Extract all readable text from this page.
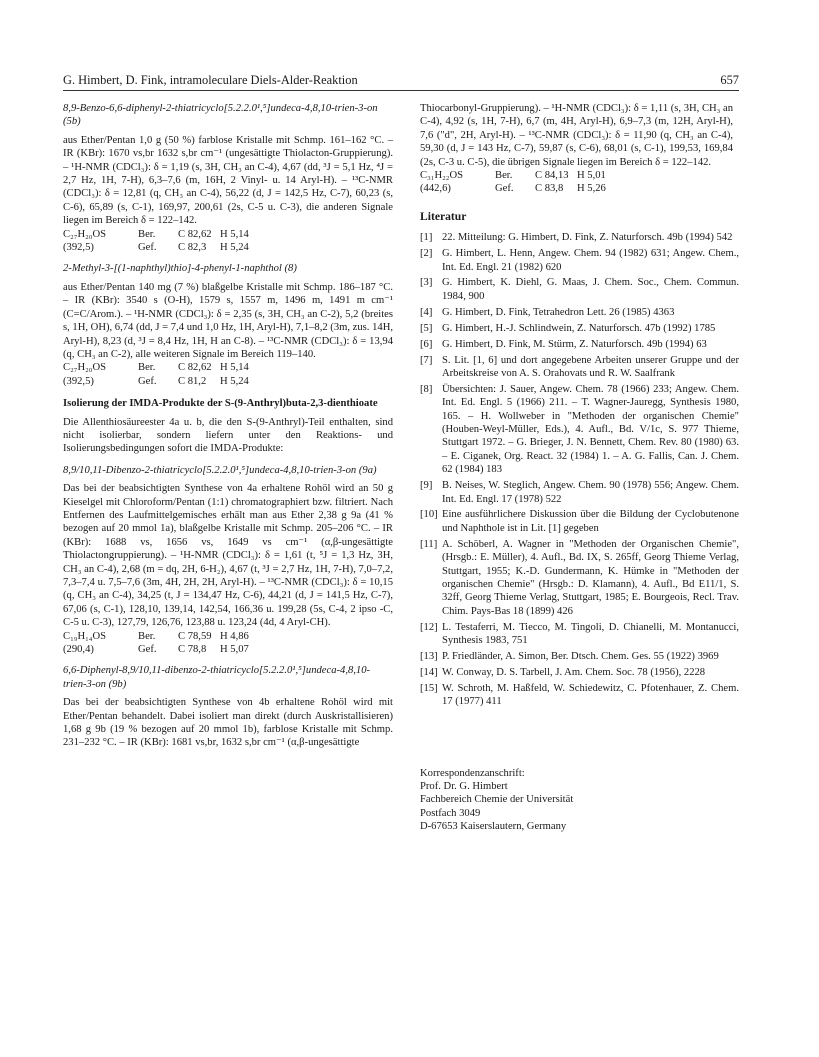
G. Himbert, D. Fink, intramoleculare Diels-Alder-Reaktion	657

8,9-Benzo-6,6-diphenyl-2-thiatricyclo[5.2.2.0¹,⁵]undeca-4,8,10-trien-3-on (5b)

aus Ether/Pentan 1,0 g (50 %) farblose Kristalle mit Schmp. 161–162 °C. – IR (KBr): 1670 vs,br 1632 s,br cm⁻¹ (ungesättigte Thiolacton-Gruppierung). – ¹H-NMR (CDCl₃): δ = 1,19 (s, 3H, CH₃ an C-4), 4,67 (dd, ³J = 5,1 Hz, ⁴J = 2,7 Hz, 1H, 7-H), 6,3–7,6 (m, 16H, 2 Vinyl- u. 14 Aryl-H). – ¹³C-NMR (CDCl₃): δ = 12,81 (q, CH₃ an C-4), 56,22 (d, J = 142,5 Hz, C-7), 60,23 (s, C-6), 65,89 (s, C-1), 169,97, 200,61 (2s, C-5 u. C-3), die anderen Signale liegen im Bereich δ = 122–142.

C₂₇H₂₀OS	Ber.	C 82,62 H 5,14
(392,5)	Gef.	C 82,3	H 5,24

2-Methyl-3-[(1-naphthyl)thio]-4-phenyl-1-naphthol (8)

aus Ether/Pentan 140 mg (7 %) blaßgelbe Kristalle mit Schmp. 186–187 °C. – IR (KBr): 3540 s (O-H), 1579 s, 1557 m, 1496 m, 1491 m cm⁻¹ (C=C/Arom.). – ¹H-NMR (CDCl₃): δ = 2,35 (s, 3H, CH₃ an C-2), 5,2 (breites s, 1H, OH), 6,74 (dd, J = 7,4 und 1,0 Hz, 1H, Aryl-H), 7,1–8,2 (3m, zus. 14H, Aryl-H), 8,23 (d, ³J = 8,4 Hz, 1H, H an C-8). – ¹³C-NMR (CDCl₃): δ = 13,94 (q, CH₃ an C-2), alle weiteren Signale im Bereich 119–140.

C₂₇H₂₀OS	Ber.	C 82,62 H 5,14
(392,5)	Gef.	C 81,2	H 5,24

Isolierung der IMDA-Produkte der S-(9-Anthryl)buta-2,3-dienthioate

Die Allenthiosäureester 4a u. b, die den S-(9-Anthryl)-Teil enthalten, sind nicht isolierbar, sondern liefern unter den Reaktions- und Isolierungsbedingungen sofort die IMDA-Produkte:

8,9/10,11-Dibenzo-2-thiatricyclo[5.2.2.0¹,⁵]undeca-4,8,10-trien-3-on (9a)

Das bei der beabsichtigten Synthese von 4a erhaltene Rohöl wird an 50 g Kieselgel mit Chloroform/Pentan (1:1) chromatographiert bzw. filtriert. Nach Entfernen des Laufmittelgemisches erhält man aus Ether 2,38 g 9a (41 % bezogen auf 20 mmol 1a), blaßgelbe Kristalle mit Schmp. 205–206 °C. – IR (KBr): 1688 vs, 1656 vs, 1649 vs cm⁻¹ (α,β-ungesättigte Thiolactongruppierung). – ¹H-NMR (CDCl₃): δ = 1,61 (t, ⁵J = 1,3 Hz, 3H, CH₃ an C-4), 2,68 (m = dq, 2H, 6-H₂), 4,67 (t, ³J = 2,7 Hz, 1H, 7-H), 7,0–7,2, 7,3–7,4 u. 7,5–7,6 (3m, 4H, 2H, 2H, Aryl-H). – ¹³C-NMR (CDCl₃): δ = 10,15 (q, CH₃ an C-4), 34,25 (t, J = 134,47 Hz, C-6), 44,21 (d, J = 141,5 Hz, C-7), 67,06 (s, C-1), 128,10, 139,14, 142,54, 166,36 u. 199,28 (5s, C-4, 2 ipso -C, C-5 u. C-3), 127,79, 126,76, 123,88 u. 123,24 (4d, 4 Aryl-CH).

C₁₉H₁₄OS	Ber.	C 78,59 H 4,86
(290,4)	Gef.	C 78,8	H 5,07

6,6-Diphenyl-8,9/10,11-dibenzo-2-thiatricyclo[5.2.2.0¹,⁵]undeca-4,8,10-trien-3-on (9b)

Das bei der beabsichtigten Synthese von 4b erhaltene Rohöl wird mit Ether/Pentan behandelt. Dabei isoliert man direkt (durch Auskristallisieren) 1,68 g 9b (19 % bezogen auf 20 mmol 1b), farblose Kristalle mit Schmp. 231–232 °C. – IR (KBr): 1681 vs,br, 1632 s,br cm⁻¹ (α,β-ungesättigte

Thiocarbonyl-Gruppierung). – ¹H-NMR (CDCl₃): δ = 1,11 (s, 3H, CH₃ an C-4), 4,92 (s, 1H, 7-H), 6,7 (m, 4H, Aryl-H), 6,9–7,3 (m, 12H, Aryl-H), 7,6 ("d", 2H, Aryl-H). – ¹³C-NMR (CDCl₃): δ = 11,90 (q, CH₃ an C-4), 59,30 (d, J = 143 Hz, C-7), 59,87 (s, C-6), 68,01 (s, C-1), 199,53, 169,84 (2s, C-3 u. C-5), die übrigen Signale liegen im Bereich δ = 122–142.

C₃₁H₂₂OS	Ber.	C 84,13 H 5,01
(442,6)	Gef.	C 83,8	H 5,26

Literatur

[1] 22. Mitteilung: G. Himbert, D. Fink, Z. Naturforsch. 49b (1994) 542
[2] G. Himbert, L. Henn, Angew. Chem. 94 (1982) 631; Angew. Chem., Int. Ed. Engl. 21 (1982) 620
[3] G. Himbert, K. Diehl, G. Maas, J. Chem. Soc., Chem. Commun. 1984, 900
[4] G. Himbert, D. Fink, Tetrahedron Lett. 26 (1985) 4363
[5] G. Himbert, H.-J. Schlindwein, Z. Naturforsch. 47b (1992) 1785
[6] G. Himbert, D. Fink, M. Stürm, Z. Naturforsch. 49b (1994) 63
[7] S. Lit. [1, 6] und dort angegebene Arbeiten unserer Gruppe und der Arbeitskreise von A. S. Orahovats und R. W. Saalfrank
[8] Übersichten: J. Sauer, Angew. Chem. 78 (1966) 233; Angew. Chem. Int. Ed. Engl. 5 (1966) 211. – T. Wagner-Jauregg, Synthesis 1980, 165. – H. Wollweber in "Methoden der organischen Chemie" (Houben-Weyl-Müller, Eds.), 4. Aufl., Bd. V/1c, S. 977 Thieme, Stuttgart 1972. – G. Brieger, J. N. Bennett, Chem. Rev. 80 (1980) 63. – E. Ciganek, Org. React. 32 (1984) 1. – A. G. Fallis, Can. J. Chem. 62 (1984) 183
[9] B. Neises, W. Steglich, Angew. Chem. 90 (1978) 556; Angew. Chem. Int. Ed. Engl. 17 (1978) 522
[10] Eine ausführlichere Diskussion über die Bildung der Cyclobutenone und Naphthole ist in Lit. [1] gegeben
[11] A. Schöberl, A. Wagner in "Methoden der Organischen Chemie", (Hrsgb.: E. Müller), 4. Aufl., Bd. IX, S. 265ff, Georg Thieme Verlag, Stuttgart, 1955; K.-D. Gundermann, K. Hümke in "Methoden der organischen Chemie" (Hrsgb.: D. Klamann), 4. Aufl., Bd E11/1, S. 32ff, Georg Thieme Verlag, Stuttgart, 1985; E. Bourgeois, Recl. Trav. Chim. Pays-Bas 18 (1899) 426
[12] L. Testaferri, M. Tiecco, M. Tingoli, D. Chianelli, M. Montanucci, Synthesis 1983, 751
[13] P. Friedländer, A. Simon, Ber. Dtsch. Chem. Ges. 55 (1922) 3969
[14] W. Conway, D. S. Tarbell, J. Am. Chem. Soc. 78 (1956), 2228
[15] W. Schroth, M. Haßfeld, W. Schiedewitz, C. Pfotenhauer, Z. Chem. 17 (1977) 411
Korrespondenzanschrift:
Prof. Dr. G. Himbert
Fachbereich Chemie der Universität
Postfach 3049
D-67653 Kaiserslautern, Germany
